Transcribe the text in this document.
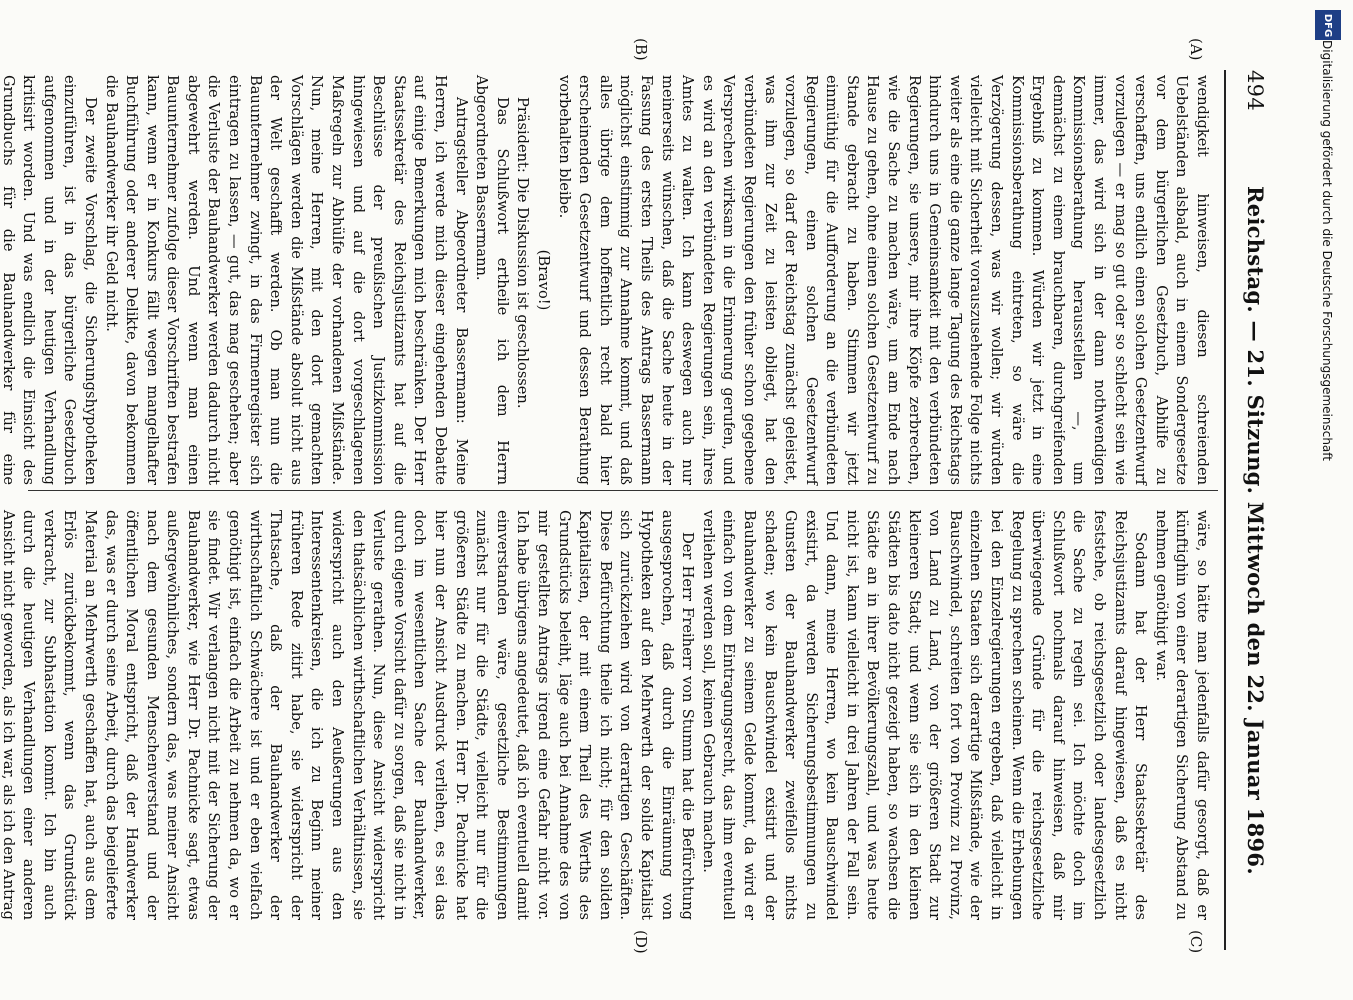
494
Reichstag. — 21. Sitzung. Mittwoch den 22. Januar 1896.
(A)
(B)
(C)
(D)

wendigkeit hinweisen, diesen schreienden Uebelständen alsbald, auch in einem Sondergesetze vor dem bürgerlichen Gesetzbuch, Abhilfe zu verschaffen, uns endlich einen solchen Gesetzentwurf vorzulegen — er mag so gut oder so schlecht sein wie immer, das wird sich in der dann nothwendigen Kommissionsberathung herausstellen —, um demnächst zu einem brauchbaren, durchgreifenden Ergebniß zu kommen. Würden wir jetzt in eine Kommissionsberathung eintreten, so wäre die Verzögerung dessen, was wir wollen; wir würden vielleicht mit Sicherheit vorauszusehende Folge nichts weiter als eine die ganze lange Tagung des Reichstags hindurch uns in Gemeinsamkeit mit den verbündeten Regierungen, sie unsere, mir ihre Köpfe zerbrechen, wie die Sache zu machen wäre, um am Ende nach Hause zu gehen, ohne einen solchen Gesetzentwurf zu Stande gebracht zu haben. Stimmen wir jetzt einmüthig für die Aufforderung an die verbündeten Regierungen, einen solchen Gesetzentwurf vorzulegen, so darf der Reichstag zunächst geleistet, was ihm zur Zeit zu leisten obliegt, hat den verbündeten Regierungen den früher schon gegebene Versprechen wirksam in die Erinnerung gerufen, und es wird an den verbündeten Regierungen sein, ihres Amtes zu walten. Ich kann deswegen auch nur meinerseits wünschen, daß die Sache heute in der Fassung des ersten Theils des Antrags Bassermann möglichst einstimmig zur Annahme kommt, und daß alles übrige dem hoffentlich recht bald hier erscheinenden Gesetzentwurf und dessen Berathung vorbehalten bleibe.

(Bravo!)

Präsident: Die Diskussion ist geschlossen.

Das Schlußwort ertheile ich dem Herrn Abgeordneten Bassermann.

Antragsteller Abgeordneter Bassermann: Meine Herren, ich werde mich dieser eingehenden Debatte auf einige Bemerkungen mich beschränken. Der Herr Staatssekretär des Reichsjustizamts hat auf die Beschlüsse der preußischen Justizkommission hingewiesen und auf die dort vorgeschlagenen Maßregeln zur Abhülfe der vorhandenen Mißstände. Nun, meine Herren, mit den dort gemachten Vorschlägen werden die Mißstände absolut nicht aus der Welt geschafft werden. Ob man nun die Bauunternehmer zwingt, in das Firmenregister sich eintragen zu lassen, — gut, das mag geschehen; aber die Verluste der Bauhandwerker werden dadurch nicht abgewehrt werden. Und wenn man einen Bauunternehmer zufolge dieser Vorschriften bestrafen kann, wenn er in Konkurs fällt wegen mangelhafter Buchführung oder anderer Delikte, davon bekommen die Bauhandwerker ihr Geld nicht.

Der zweite Vorschlag, die Sicherungshypotheken einzuführen, ist in das bürgerliche Gesetzbuch aufgenommen und in der heutigen Verhandlung kritisirt worden. Und was endlich die Einsicht des Grundbuchs für die Bauhandwerker für eine

wäre, so hätte man jedenfalls dafür gesorgt, daß er künftighin von einer derartigen Sicherung Abstand zu nehmen genöthigt war.

Sodann hat der Herr Staatssekretär des Reichsjustizamts darauf hingewiesen, daß es nicht feststehe, ob reichsgesetzlich oder landesgesetzlich die Sache zu regeln sei. Ich möchte doch im Schlußwort nochmals darauf hinweisen, daß mir überwiegende Gründe für die reichsgesetzliche Regelung zu sprechen scheinen. Wenn die Erhebungen bei den Einzelregierungen ergeben, daß vielleicht in einzelnen Staaten sich derartige Mißstände, wie der Bauschwindel, schreiten fort von Provinz zu Provinz, von Land zu Land, von der größeren Stadt zur kleineren Stadt; und wenn sie sich in den kleinen Städten bis dato nicht gezeigt haben, so wachsen die Städte an in ihrer Bevölkerungszahl, und was heute nicht ist, kann vielleicht in drei Jahren der Fall sein. Und dann, meine Herren, wo kein Bauschwindel existirt, da werden Sicherungsbestimmungen zu Gunsten der Bauhandwerker zweifellos nichts schaden; wo kein Bauschwindel existirt und der Bauhandwerker zu seinem Gelde kommt, da wird er einfach von dem Eintragungsrecht, das ihm eventuell verliehen werden soll, keinen Gebrauch machen.

Der Herr Freiherr von Stumm hat die Befürchtung ausgesprochen, daß durch die Einräumung von Hypotheken auf den Mehrwerth der solide Kapitalist sich zurückziehen wird von derartigen Geschäften. Diese Befürchtung theile ich nicht; für den soliden Kapitalisten, der mit einem Theil des Werths des Grundstücks beleiht, läge auch bei Annahme des von mir gestellten Antrags irgend eine Gefahr nicht vor. Ich habe übrigens angedeutet, daß ich eventuell damit einverstanden wäre, gesetzliche Bestimmungen zunächst nur für die Städte, vielleicht nur für die größeren Städte zu machen. Herr Dr. Pachnicke hat hier nun der Ansicht Ausdruck verliehen, es sei das doch im wesentlichen Sache der Bauhandwerker, durch eigene Vorsicht dafür zu sorgen, daß sie nicht in Verluste gerathen. Nun, diese Ansicht widerspricht den thatsächlichen wirthschaftlichen Verhältnissen, sie widerspricht auch den Aeußerungen aus den Interessentenkreisen, die ich zu Beginn meiner früheren Rede zitirt habe, sie widerspricht der Thatsache, daß der Bauhandwerker der wirthschaftlich Schwächere ist und er eben vielfach genöthigt ist, einfach die Arbeit zu nehmen da, wo er sie findet. Wir verlangen nicht mit der Sicherung der Bauhandwerker, wie Herr Dr. Pachnicke sagt, etwas außergewöhnliches, sondern das, was meiner Ansicht nach dem gesunden Menschenverstand und der öffentlichen Moral entspricht, daß der Handwerker das, was er durch seine Arbeit, durch das beigelieferte Material an Mehrwerth geschaffen hat, auch aus dem Erlös zurückbekommt, wenn das Grundstück verkracht, zur Subhastation kommt. Ich bin auch durch die heutigen Verhandlungen einer anderen Ansicht nicht geworden, als ich war, als ich den Antrag

DFG
Digitalisierung gefördert durch die Deutsche Forschungsgemeinschaft
